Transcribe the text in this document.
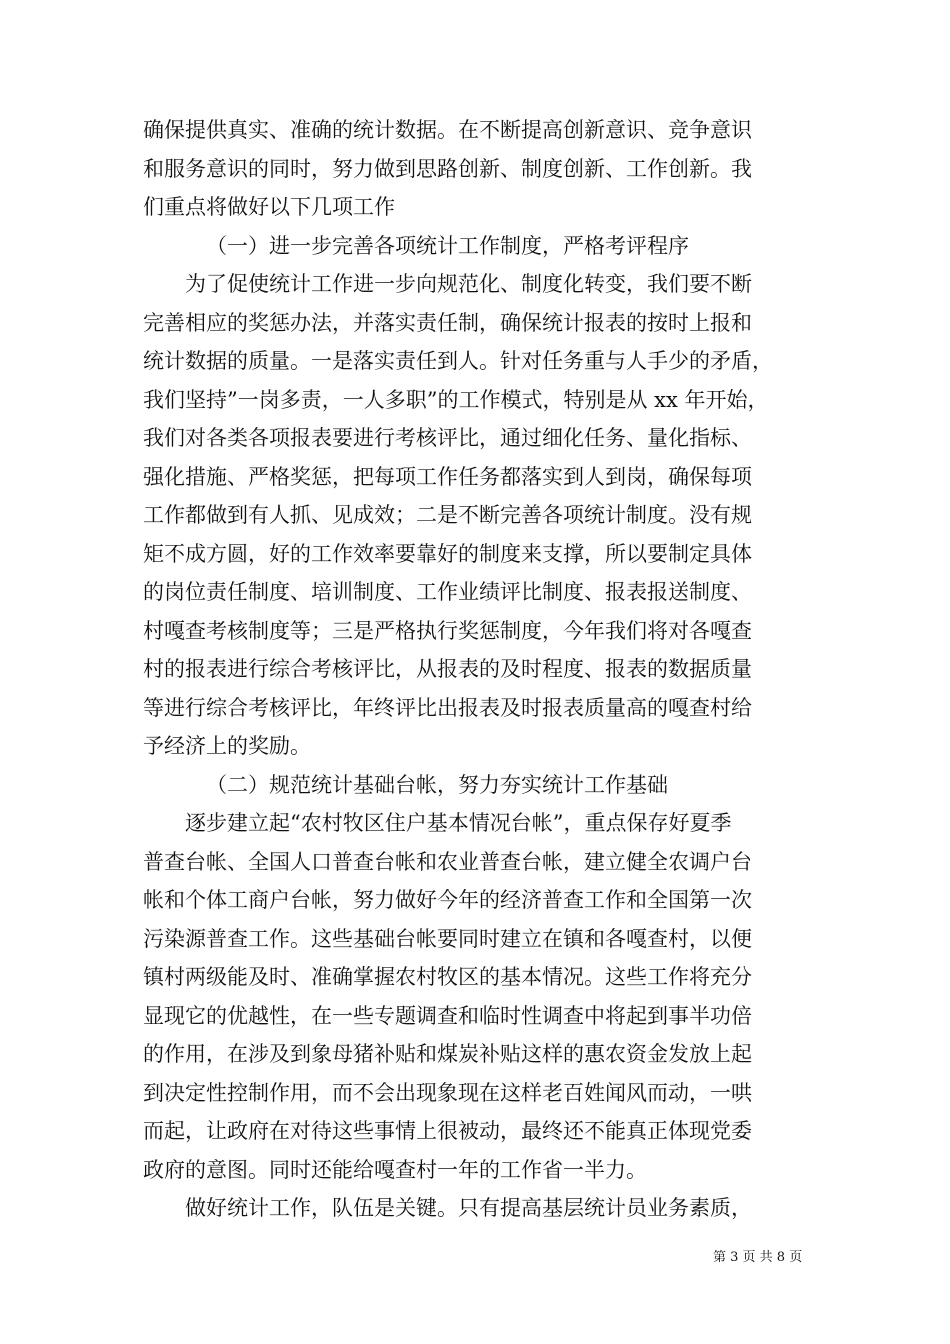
确保提供真实、准确的统计数据。在不断提高创新意识、竞争意识
和服务意识的同时，努力做到思路创新、制度创新、工作创新。我
们重点将做好以下几项工作
（一）进一步完善各项统计工作制度，严格考评程序
为了促使统计工作进一步向规范化、制度化转变，我们要不断
完善相应的奖惩办法，并落实责任制，确保统计报表的按时上报和
统计数据的质量。一是落实责任到人。针对任务重与人手少的矛盾，
我们坚持”一岗多责，一人多职”的工作模式，特别是从 xx 年开始，
我们对各类各项报表要进行考核评比，通过细化任务、量化指标、
强化措施、严格奖惩，把每项工作任务都落实到人到岗，确保每项
工作都做到有人抓、见成效；二是不断完善各项统计制度。没有规
矩不成方圆，好的工作效率要靠好的制度来支撑，所以要制定具体
的岗位责任制度、培训制度、工作业绩评比制度、报表报送制度、
村嘎查考核制度等；三是严格执行奖惩制度，今年我们将对各嘎查
村的报表进行综合考核评比，从报表的及时程度、报表的数据质量
等进行综合考核评比，年终评比出报表及时报表质量高的嘎查村给
予经济上的奖励。
（二）规范统计基础台帐，努力夯实统计工作基础
逐步建立起“农村牧区住户基本情况台帐”，重点保存好夏季
普查台帐、全国人口普查台帐和农业普查台帐，建立健全农调户台
帐和个体工商户台帐，努力做好今年的经济普查工作和全国第一次
污染源普查工作。这些基础台帐要同时建立在镇和各嘎查村，以便
镇村两级能及时、准确掌握农村牧区的基本情况。这些工作将充分
显现它的优越性，在一些专题调查和临时性调查中将起到事半功倍
的作用，在涉及到象母猪补贴和煤炭补贴这样的惠农资金发放上起
到决定性控制作用，而不会出现象现在这样老百姓闻风而动，一哄
而起，让政府在对待这些事情上很被动，最终还不能真正体现党委
政府的意图。同时还能给嘎查村一年的工作省一半力。
做好统计工作，队伍是关键。只有提高基层统计员业务素质，
第 3 页 共 8 页
